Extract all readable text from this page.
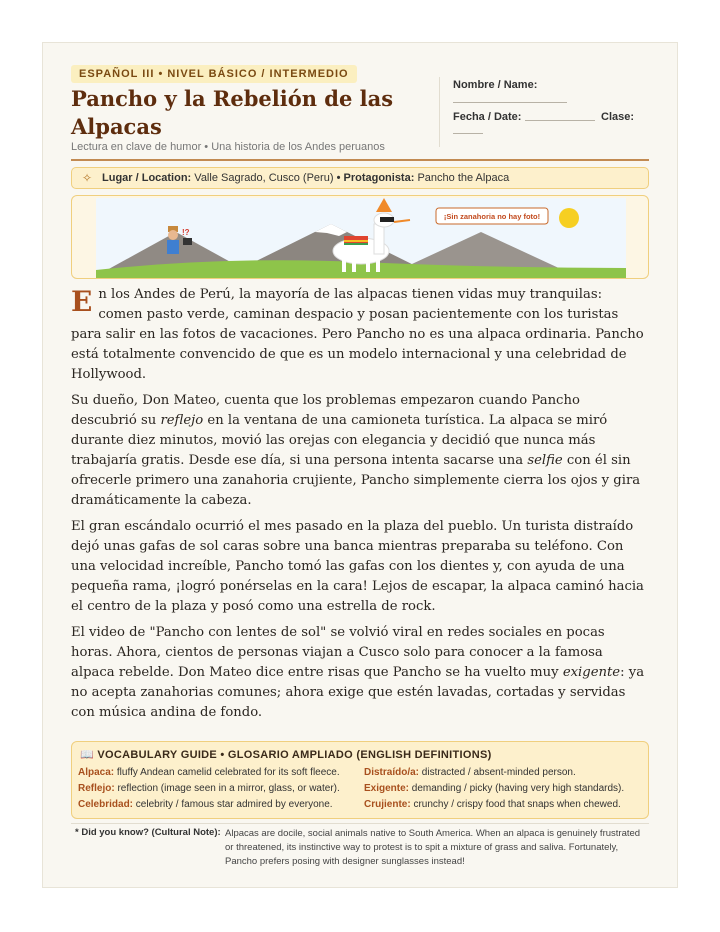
ESPAÑOL III • NIVEL BÁSICO / INTERMEDIO
Pancho y la Rebelión de las Alpacas
Lectura en clave de humor • Una historia de los Andes peruanos
Nombre / Name:
Fecha / Date:	Clase:
✧ Lugar / Location: Valle Sagrado, Cusco (Peru) • Protagonista: Pancho the Alpaca
!?
¡Sin zanahoria no hay foto!

En los Andes de Perú, la mayoría de las alpacas tienen vidas muy tranquilas: comen pasto verde, caminan despacio y posan pacientemente con los turistas para salir en las fotos de vacaciones. Pero Pancho no es una alpaca ordinaria. Pancho está totalmente convencido de que es un modelo internacional y una celebridad de Hollywood.

Su dueño, Don Mateo, cuenta que los problemas empezaron cuando Pancho descubrió su reflejo en la ventana de una camioneta turística. La alpaca se miró durante diez minutos, movió las orejas con elegancia y decidió que nunca más trabajaría gratis. Desde ese día, si una persona intenta sacarse una selfie con él sin ofrecerle primero una zanahoria crujiente, Pancho simplemente cierra los ojos y gira dramáticamente la cabeza.

El gran escándalo ocurrió el mes pasado en la plaza del pueblo. Un turista distraído dejó unas gafas de sol caras sobre una banca mientras preparaba su teléfono. Con una velocidad increíble, Pancho tomó las gafas con los dientes y, con ayuda de una pequeña rama, ¡logró ponérselas en la cara! Lejos de escapar, la alpaca caminó hacia el centro de la plaza y posó como una estrella de rock.

El video de "Pancho con lentes de sol" se volvió viral en redes sociales en pocas horas. Ahora, cientos de personas viajan a Cusco solo para conocer a la famosa alpaca rebelde. Don Mateo dice entre risas que Pancho se ha vuelto muy exigente: ya no acepta zanahorias comunes; ahora exige que estén lavadas, cortadas y servidas con música andina de fondo.

📖 VOCABULARY GUIDE • GLOSARIO AMPLIADO (ENGLISH DEFINITIONS)
Alpaca: fluffy Andean camelid celebrated for its soft fleece. Distraído/a: distracted / absent-minded person.
Reflejo: reflection (image seen in a mirror, glass, or water). Exigente: demanding / picky (having very high standards).
Celebridad: celebrity / famous star admired by everyone.	Crujiente: crunchy / crispy food that snaps when chewed.
* Did you know? (Cultural Note): Alpacas are docile, social animals native to South America. When an alpaca is genuinely frustrated or threatened, its instinctive way to protest is to spit a mixture of grass and saliva. Fortunately, Pancho prefers posing with designer sunglasses instead!
